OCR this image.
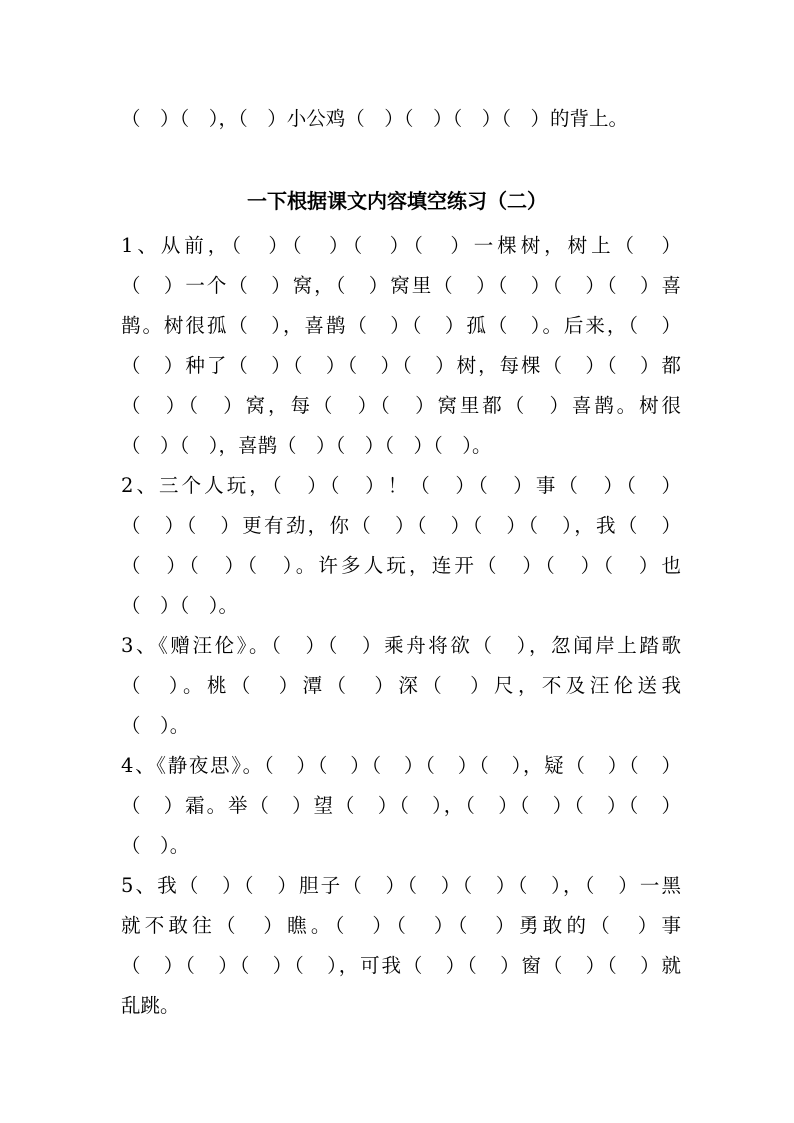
（　）（　），（　）小公鸡（　）（　）（　）（　）的背上。
一下根据课文内容填空练习（二）
1、从前，（　）（　）（　）（　）一棵树，树上（　）
（　）一个（　）窝，（　）窝里（　）（　）（　）（　）喜
鹊。树很孤（　），喜鹊（　）（　）孤（　）。后来，（　）
（　）种了（　）（　）（　）（　）树，每棵（　）（　）都
（　）（　）窝，每（　）（　）窝里都（　）喜鹊。树很
（　）（　），喜鹊（　）（　）（　）（　）。
2、三个人玩，（　）（　）！（　）（　）事（　）（　）
（　）（　）更有劲，你（　）（　）（　）（　），我（　）
（　）（　）（　）。许多人玩，连开（　）（　）（　）也
（　）（　）。
3、《赠汪伦》。（　）（　）乘舟将欲（　），忽闻岸上踏歌
（　）。桃（　）潭（　）深（　）尺，不及汪伦送我
（　）。
4、《静夜思》。（　）（　）（　）（　）（　），疑（　）（　）
（　）霜。举（　）望（　）（　），（　）（　）（　）（　）
（　）。
5、我（　）（　）胆子（　）（　）（　）（　），（　）一黑
就不敢往（　）瞧。（　）（　）（　）勇敢的（　）事
（　）（　）（　）（　），可我（　）（　）窗（　）（　）就
乱跳。
